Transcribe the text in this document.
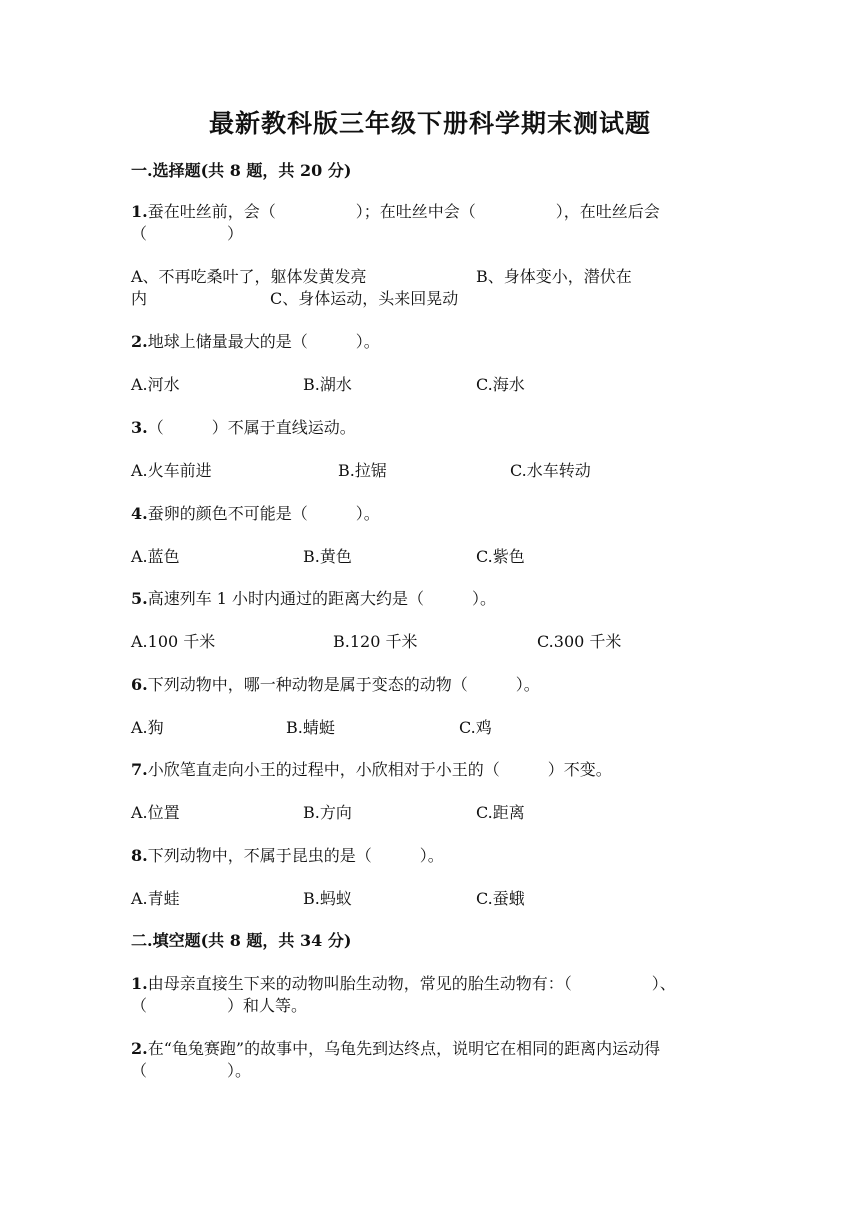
最新教科版三年级下册科学期末测试题
一.选择题(共 8 题，共 20 分)
1.蚕在吐丝前，会（　　　　　）；在吐丝中会（　　　　　），在吐丝后会
（　　　　　）
A、不再吃桑叶了，躯体发黄发亮	B、身体变小，潜伏在
内	C、身体运动，头来回晃动
2.地球上储量最大的是（　　　）。
A.河水	B.湖水	C.海水
3.（　　　）不属于直线运动。
A.火车前进	B.拉锯	C.水车转动
4.蚕卵的颜色不可能是（　　　）。
A.蓝色	B.黄色	C.紫色
5.高速列车 1 小时内通过的距离大约是（　　　）。
A.100 千米	B.120 千米	C.300 千米
6.下列动物中，哪一种动物是属于变态的动物（　　　）。
A.狗	B.蜻蜓	C.鸡
7.小欣笔直走向小王的过程中，小欣相对于小王的（　　　）不变。
A.位置	B.方向	C.距离
8.下列动物中，不属于昆虫的是（　　　）。
A.青蛙	B.蚂蚁	C.蚕蛾
二.填空题(共 8 题，共 34 分)
1.由母亲直接生下来的动物叫胎生动物，常见的胎生动物有：（　　　　　）、
（　　　　　）和人等。
2.在“龟兔赛跑”的故事中，乌龟先到达终点，说明它在相同的距离内运动得
（　　　　　）。
